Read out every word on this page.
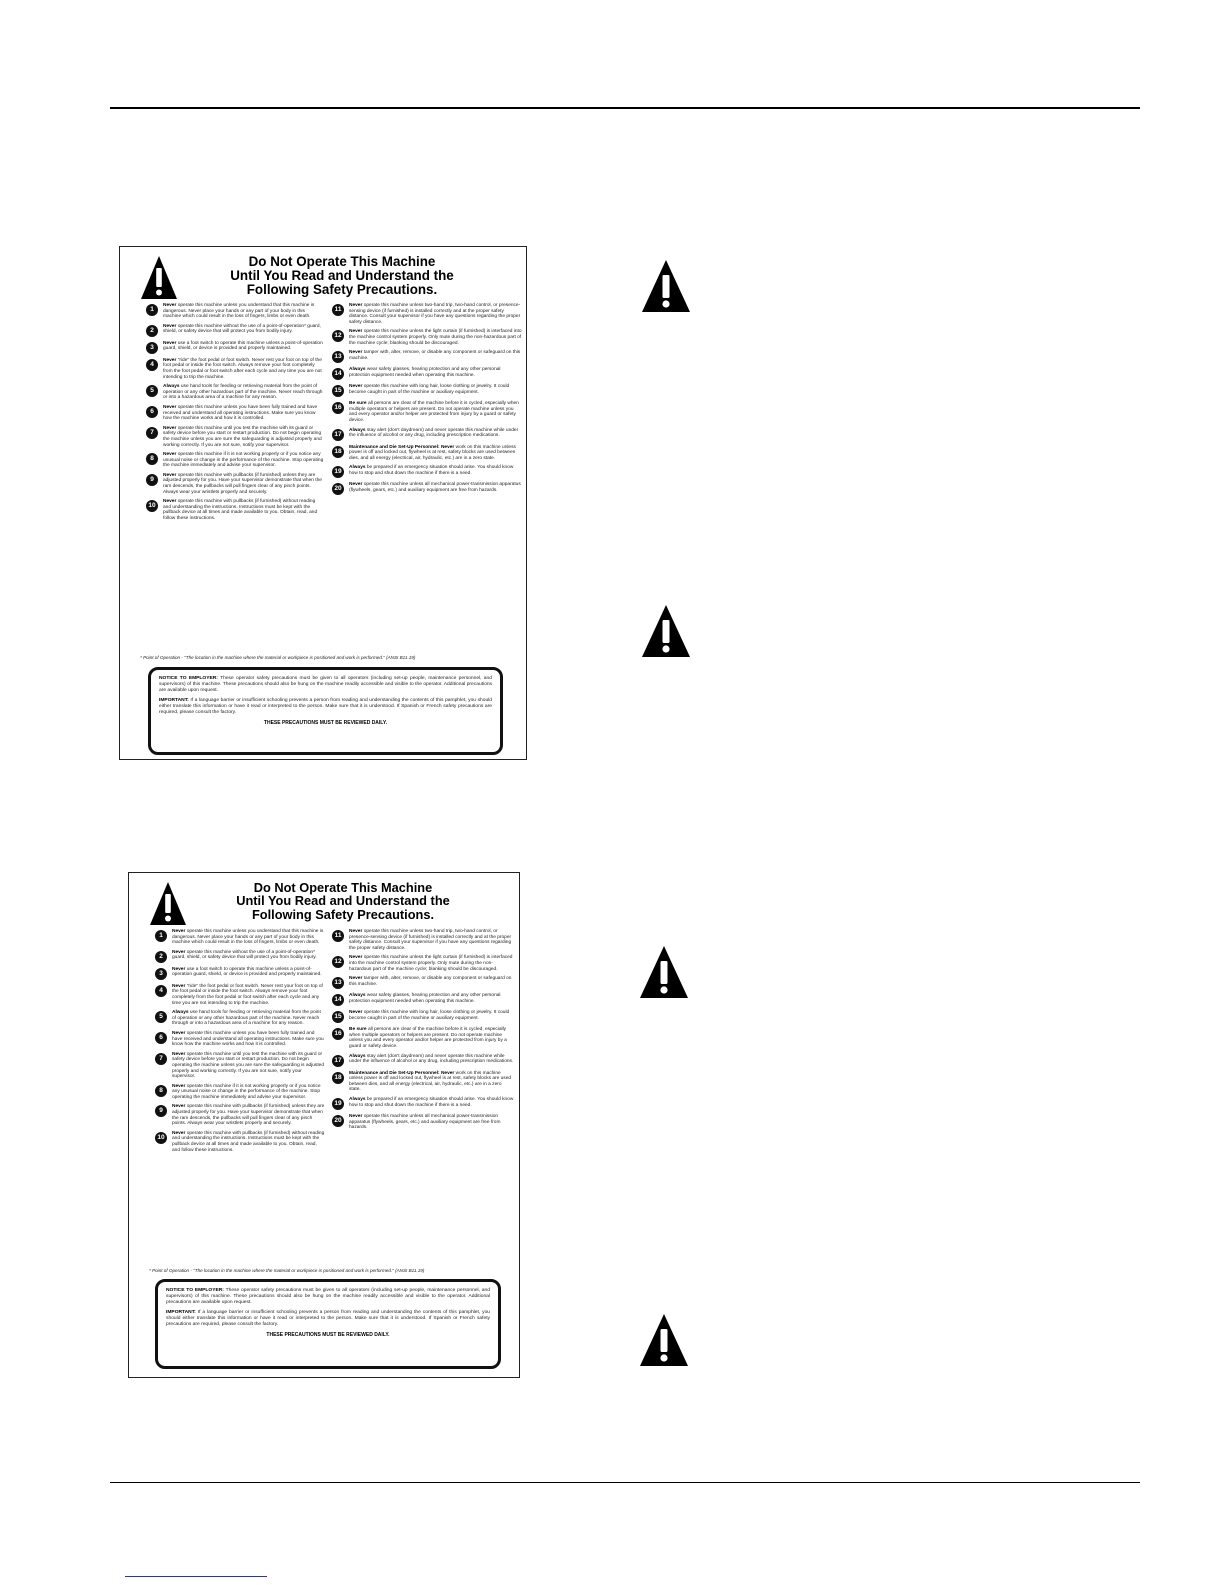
Do Not Operate This Machine
Until You Read and Understand the
Following Safety Precautions.
1
Never operate this machine unless you understand that this machine is dangerous. Never place your hands or any part of your body in this machine which could result in the loss of fingers, limbs or even death.
2
Never operate this machine without the use of a point-of-operation* guard, shield, or safety device that will protect you from bodily injury.
3
Never use a foot switch to operate this machine unless a point-of-operation guard, shield, or device is provided and properly maintained.
4
Never "ride" the foot pedal or foot switch. Never rest your foot on top of the foot pedal or inside the foot switch. Always remove your foot completely from the foot pedal or foot switch after each cycle and any time you are not intending to trip the machine.
5
Always use hand tools for feeding or retrieving material from the point of operation or any other hazardous part of the machine. Never reach through or into a hazardous area of a machine for any reason.
6
Never operate this machine unless you have been fully trained and have received and understand all operating instructions. Make sure you know how the machine works and how it is controlled.
7
Never operate this machine until you test the machine with its guard or safety device before you start or restart production. Do not begin operating the machine unless you are sure the safeguarding is adjusted properly and working correctly. If you are not sure, notify your supervisor.
8
Never operate this machine if it is not working properly or if you notice any unusual noise or change in the performance of the machine. Stop operating the machine immediately and advise your supervisor.
9
Never operate this machine with pullbacks (if furnished) unless they are adjusted properly for you. Have your supervisor demonstrate that when the ram descends, the pullbacks will pull fingers clear of any pinch points. Always wear your wristlets properly and securely.
10
Never operate this machine with pullbacks (if furnished) without reading and understanding the instructions. Instructions must be kept with the pullback device at all times and made available to you. Obtain, read, and follow these instructions.
11
Never operate this machine unless two-hand trip, two-hand control, or presence-sensing device (if furnished) is installed correctly and at the proper safety distance. Consult your supervisor if you have any questions regarding the proper safety distance.
12
Never operate this machine unless the light curtain (if furnished) is interfaced into the machine control system properly. Only mute during the non-hazardous part of the machine cycle; blanking should be discouraged.
13
Never tamper with, alter, remove, or disable any component or safeguard on this machine.
14
Always wear safety glasses, hearing protection and any other personal protection equipment needed when operating this machine.
15
Never operate this machine with long hair, loose clothing or jewelry. It could become caught in part of the machine or auxiliary equipment.
16
Be sure all persons are clear of the machine before it is cycled, especially when multiple operators or helpers are present. Do not operate machine unless you and every operator and/or helper are protected from injury by a guard or safety device.
17
Always stay alert (don't daydream) and never operate this machine while under the influence of alcohol or any drug, including prescription medications.
18
Maintenance and Die Set-Up Personnel: Never work on this machine unless power is off and locked out, flywheel is at rest, safety blocks are used between dies, and all energy (electrical, air, hydraulic, etc.) are in a zero state.
19
Always be prepared if an emergency situation should arise. You should know how to stop and shut down the machine if there is a need.
20
Never operate this machine unless all mechanical power-transmission apparatus (flywheels, gears, etc.) and auxiliary equipment are free from hazards.
* Point of Operation - "The location in the machine where the material or workpiece is positioned and work is performed." (ANSI B11.19)

NOTICE TO EMPLOYER: These operator safety precautions must be given to all operators (including set-up people, maintenance personnel, and supervisors) of this machine. These precautions should also be hung on the machine readily accessible and visible to the operator. Additional precautions are available upon request.

IMPORTANT: If a language barrier or insufficient schooling prevents a person from reading and understanding the contents of this pamphlet, you should either translate this information or have it read or interpreted to the person. Make sure that it is understood. If Spanish or French safety precautions are required, please consult the factory.

THESE PRECAUTIONS MUST BE REVIEWED DAILY.
Do Not Operate This Machine
Until You Read and Understand the
Following Safety Precautions.
1
Never operate this machine unless you understand that this machine is dangerous. Never place your hands or any part of your body in this machine which could result in the loss of fingers, limbs or even death.
2
Never operate this machine without the use of a point-of-operation* guard, shield, or safety device that will protect you from bodily injury.
3
Never use a foot switch to operate this machine unless a point-of-operation guard, shield, or device is provided and properly maintained.
4
Never "ride" the foot pedal or foot switch. Never rest your foot on top of the foot pedal or inside the foot switch. Always remove your foot completely from the foot pedal or foot switch after each cycle and any time you are not intending to trip the machine.
5
Always use hand tools for feeding or retrieving material from the point of operation or any other hazardous part of the machine. Never reach through or into a hazardous area of a machine for any reason.
6
Never operate this machine unless you have been fully trained and have received and understand all operating instructions. Make sure you know how the machine works and how it is controlled.
7
Never operate this machine until you test the machine with its guard or safety device before you start or restart production. Do not begin operating the machine unless you are sure the safeguarding is adjusted properly and working correctly. If you are not sure, notify your supervisor.
8
Never operate this machine if it is not working properly or if you notice any unusual noise or change in the performance of the machine. Stop operating the machine immediately and advise your supervisor.
9
Never operate this machine with pullbacks (if furnished) unless they are adjusted properly for you. Have your supervisor demonstrate that when the ram descends, the pullbacks will pull fingers clear of any pinch points. Always wear your wristlets properly and securely.
10
Never operate this machine with pullbacks (if furnished) without reading and understanding the instructions. Instructions must be kept with the pullback device at all times and made available to you. Obtain, read, and follow these instructions.
11
Never operate this machine unless two-hand trip, two-hand control, or presence-sensing device (if furnished) is installed correctly and at the proper safety distance. Consult your supervisor if you have any questions regarding the proper safety distance.
12
Never operate this machine unless the light curtain (if furnished) is interfaced into the machine control system properly. Only mute during the non-hazardous part of the machine cycle; blanking should be discouraged.
13
Never tamper with, alter, remove, or disable any component or safeguard on this machine.
14
Always wear safety glasses, hearing protection and any other personal protection equipment needed when operating this machine.
15
Never operate this machine with long hair, loose clothing or jewelry. It could become caught in part of the machine or auxiliary equipment.
16
Be sure all persons are clear of the machine before it is cycled, especially when multiple operators or helpers are present. Do not operate machine unless you and every operator and/or helper are protected from injury by a guard or safety device.
17
Always stay alert (don't daydream) and never operate this machine while under the influence of alcohol or any drug, including prescription medications.
18
Maintenance and Die Set-Up Personnel: Never work on this machine unless power is off and locked out, flywheel is at rest, safety blocks are used between dies, and all energy (electrical, air, hydraulic, etc.) are in a zero state.
19
Always be prepared if an emergency situation should arise. You should know how to stop and shut down the machine if there is a need.
20
Never operate this machine unless all mechanical power-transmission apparatus (flywheels, gears, etc.) and auxiliary equipment are free from hazards.
* Point of Operation - "The location in the machine where the material or workpiece is positioned and work is performed." (ANSI B11.19)

NOTICE TO EMPLOYER: These operator safety precautions must be given to all operators (including set-up people, maintenance personnel, and supervisors) of this machine. These precautions should also be hung on the machine readily accessible and visible to the operator. Additional precautions are available upon request.

IMPORTANT: If a language barrier or insufficient schooling prevents a person from reading and understanding the contents of this pamphlet, you should either translate this information or have it read or interpreted to the person. Make sure that it is understood. If Spanish or French safety precautions are required, please consult the factory.

THESE PRECAUTIONS MUST BE REVIEWED DAILY.
